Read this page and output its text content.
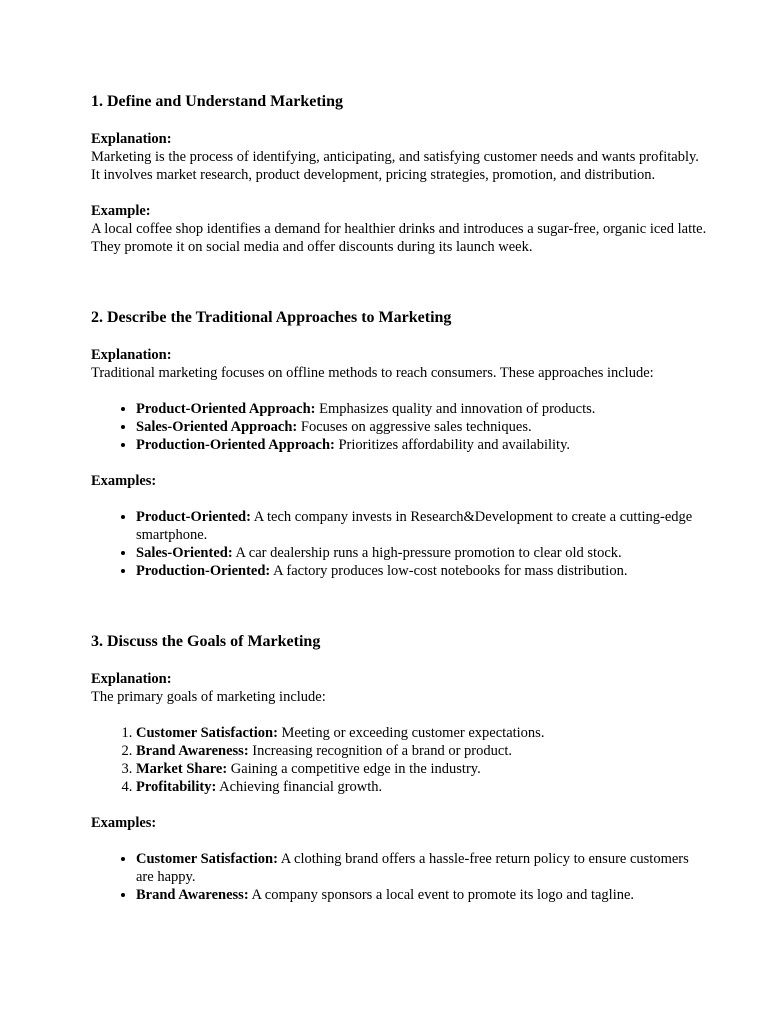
1. Define and Understand Marketing
Explanation:

Marketing is the process of identifying, anticipating, and satisfying customer needs and wants profitably. It involves market research, product development, pricing strategies, promotion, and distribution.

Example:

A local coffee shop identifies a demand for healthier drinks and introduces a sugar-free, organic iced latte. They promote it on social media and offer discounts during its launch week.

2. Describe the Traditional Approaches to Marketing
Explanation:

Traditional marketing focuses on offline methods to reach consumers. These approaches include:

• Product-Oriented Approach: Emphasizes quality and innovation of products.
• Sales-Oriented Approach: Focuses on aggressive sales techniques.
• Production-Oriented Approach: Prioritizes affordability and availability.
Examples:
• Product-Oriented: A tech company invests in Research&Development to create a cutting-edge smartphone.
• Sales-Oriented: A car dealership runs a high-pressure promotion to clear old stock.
• Production-Oriented: A factory produces low-cost notebooks for mass distribution.
3. Discuss the Goals of Marketing
Explanation:

The primary goals of marketing include:

1. Customer Satisfaction: Meeting or exceeding customer expectations.
2. Brand Awareness: Increasing recognition of a brand or product.
3. Market Share: Gaining a competitive edge in the industry.
4. Profitability: Achieving financial growth.
Examples:
• Customer Satisfaction: A clothing brand offers a hassle-free return policy to ensure customers are happy.
• Brand Awareness: A company sponsors a local event to promote its logo and tagline.
